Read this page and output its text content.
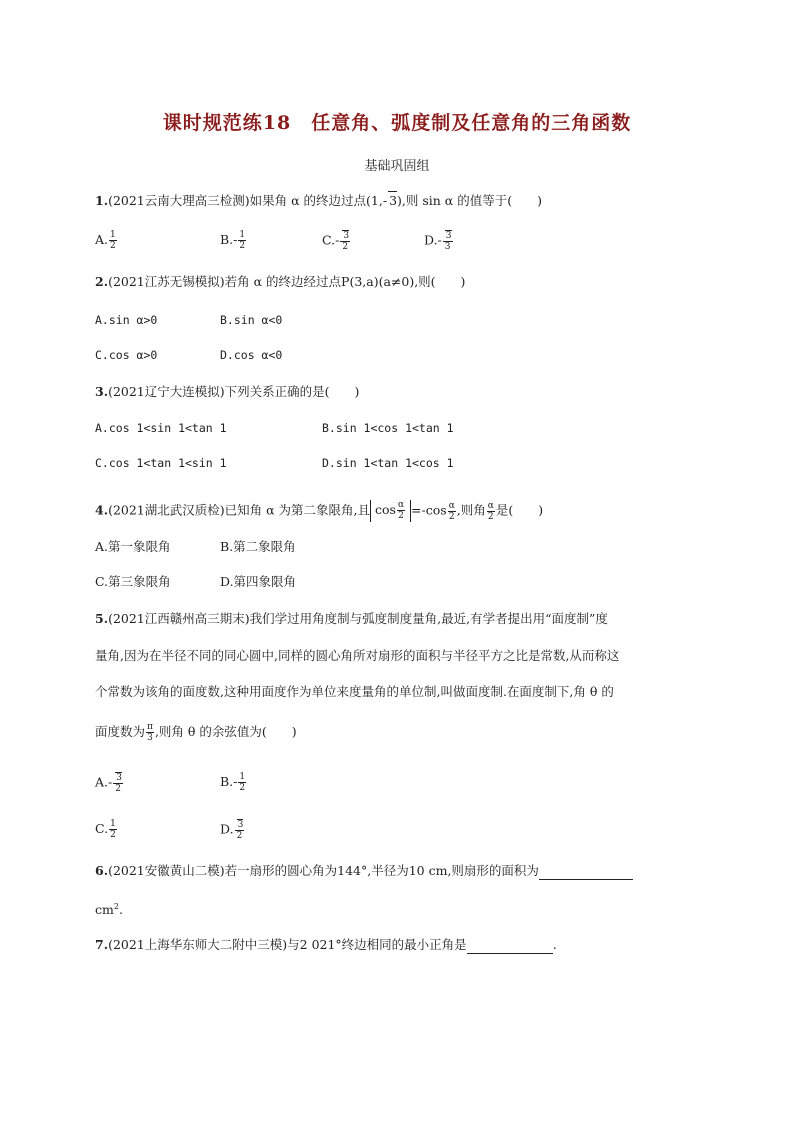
课时规范练18　任意角、弧度制及任意角的三角函数
基础巩固组
1.(2021云南大理高三检测)如果角 α 的终边过点(1,- 3),则 sin α 的值等于(　　)
A. $\frac{1}{2}$	$B.- \frac{1}{2}$	$C.- \frac{3}{2}$	$D.- \frac{3}{3}$
2.(2021江苏无锡模拟)若角 α 的终边经过点P(3,a)(a≠0),则(　　)
A.sin α>0	B.sin α<0
C.cos α>0	D.cos α<0
3.(2021辽宁大连模拟)下列关系正确的是(　　)
A.cos 1<sin 1<tan 1	B.sin 1<cos 1<tan 1
C.cos 1<tan 1<sin 1	D.sin 1<tan 1<cos 1
4.(2021湖北武汉质检)已知角 α 为第二象限角,且 $\cos \frac{\alpha}{2} =-\cos \frac{\alpha}{2}$ ,则角 $\frac{\alpha}{2}$ 是(　　)
A.第一象限角	B.第二象限角
C.第三象限角	D.第四象限角
5.(2021江西赣州高三期末)我们学过用角度制与弧度制度量角,最近,有学者提出用“面度制”度
量角,因为在半径不同的同心圆中,同样的圆心角所对扇形的面积与半径平方之比是常数,从而称这
个常数为该角的面度数,这种用面度作为单位来度量角的单位制,叫做面度制.在面度制下,角 θ 的
面度数为 $\frac{\pi}{3}$ ,则角 θ 的余弦值为(　　)
$A.- \frac{3}{2}$	$B.- \frac{1}{2}$
C. $\frac{1}{2}$	D. $\frac{3}{2}$
6.(2021安徽黄山二模)若一扇形的圆心角为144°,半径为10 cm,则扇形的面积为
$cm^2$.
7.(2021上海华东师大二附中三模)与2 021°终边相同的最小正角是	.
